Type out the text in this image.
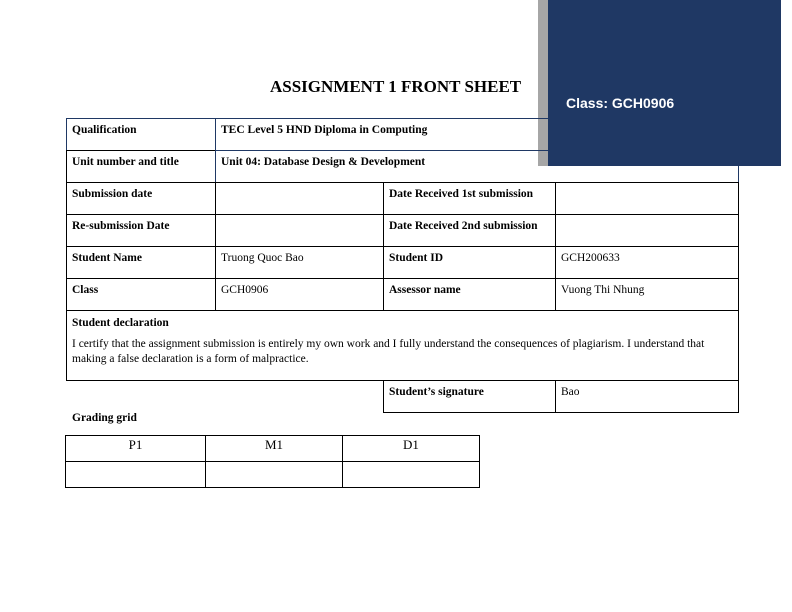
Class: GCH0906
ASSIGNMENT 1 FRONT SHEET
Qualification	TEC Level 5 HND Diploma in Computing
Unit number and title	Unit 04: Database Design & Development
Submission date	Date Received 1st submission
Re-submission Date	Date Received 2nd submission
Student Name	Truong Quoc Bao	Student ID	GCH200633
Class	GCH0906	Assessor name	Vuong Thi Nhung
Student declaration
I certify that the assignment submission is entirely my own work and I fully understand the consequences of plagiarism. I understand that making a false declaration is a form of malpractice.
Student’s signature	Bao
Grading grid
P1	M1	D1
